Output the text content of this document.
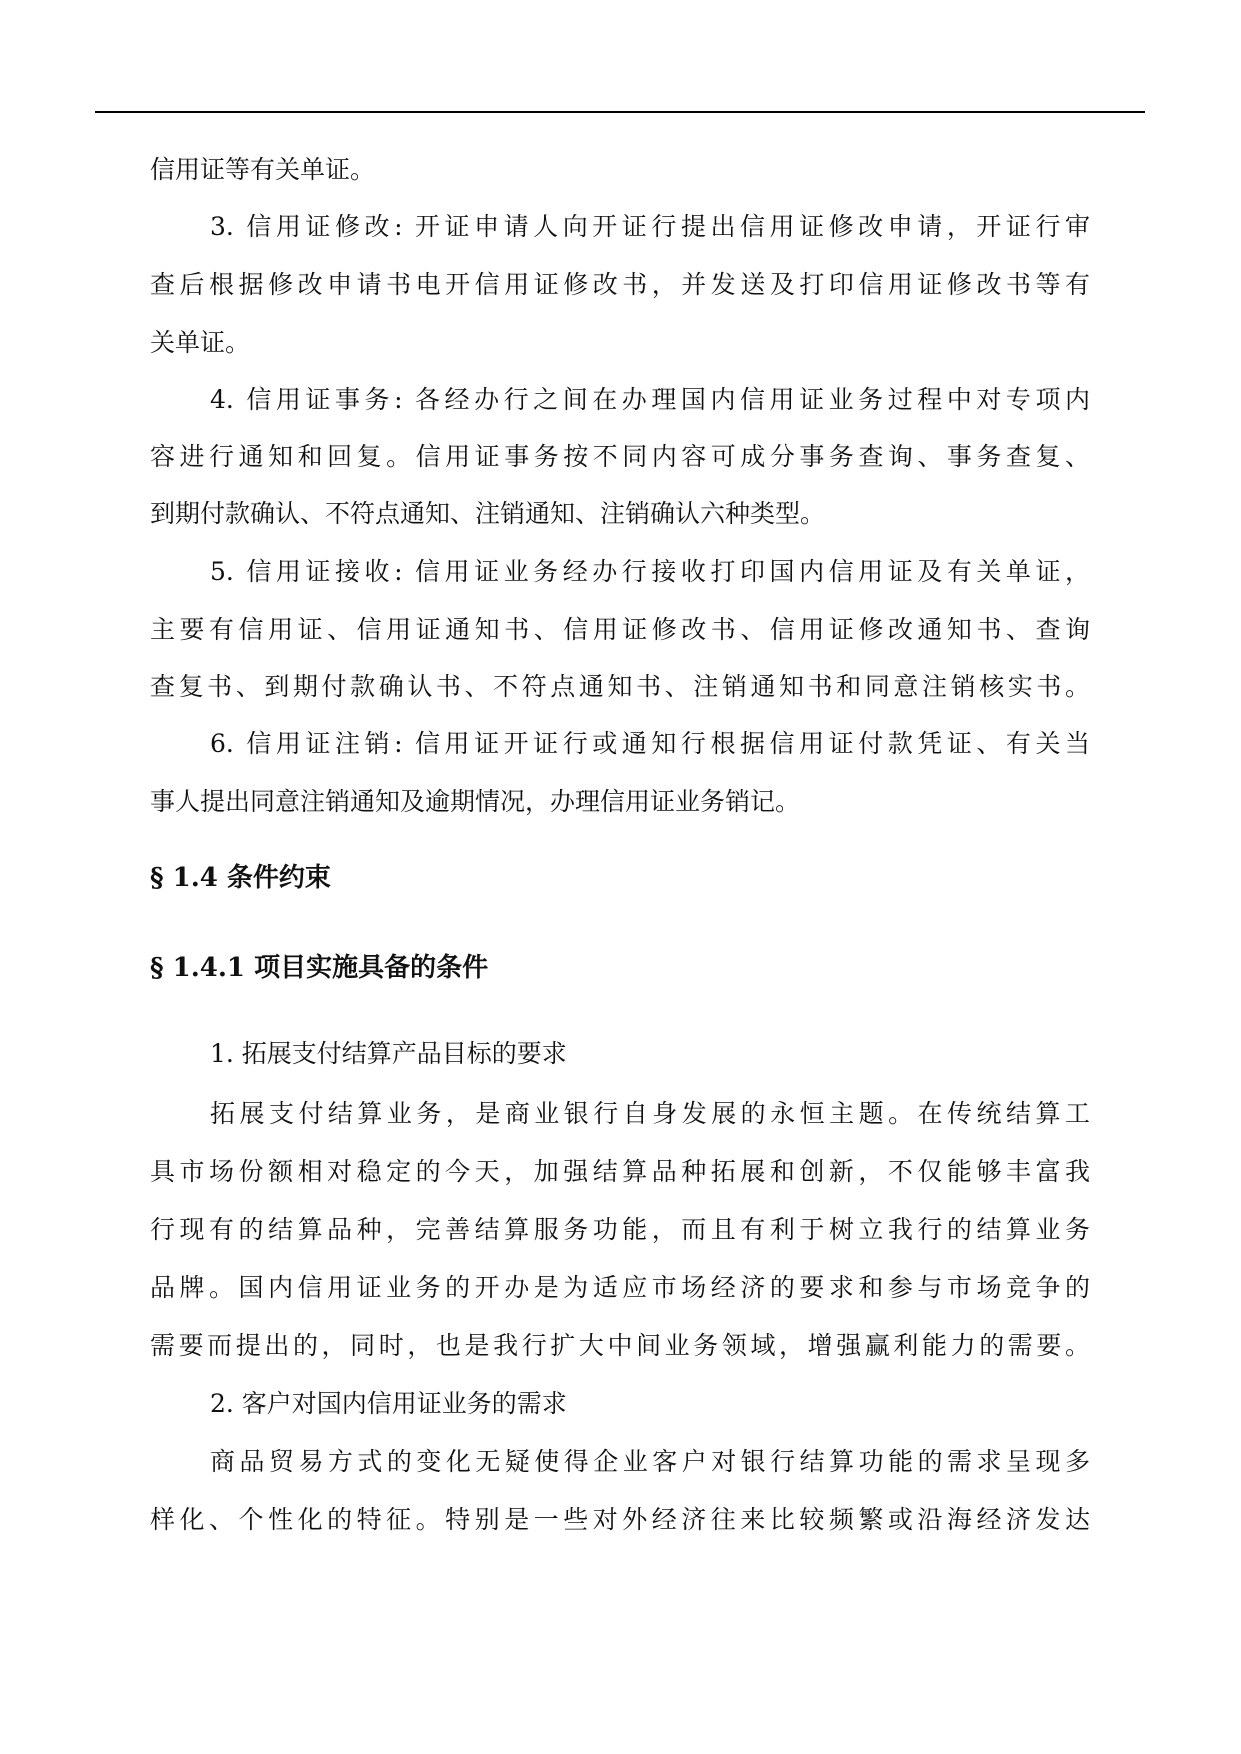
信用证等有关单证。
3. 信用证修改: 开证申请人向开证行提出信用证修改申请，开证行审
查后根据修改申请书电开信用证修改书，并发送及打印信用证修改书等有
关单证。
4. 信用证事务: 各经办行之间在办理国内信用证业务过程中对专项内
容进行通知和回复。信用证事务按不同内容可成分事务查询、事务查复、
到期付款确认、不符点通知、注销通知、注销确认六种类型。
5. 信用证接收: 信用证业务经办行接收打印国内信用证及有关单证，
主要有信用证、信用证通知书、信用证修改书、信用证修改通知书、查询
查复书、到期付款确认书、不符点通知书、注销通知书和同意注销核实书。
6. 信用证注销: 信用证开证行或通知行根据信用证付款凭证、有关当
事人提出同意注销通知及逾期情况，办理信用证业务销记。
§ 1.4 条件约束
§ 1.4.1 项目实施具备的条件
1. 拓展支付结算产品目标的要求
拓展支付结算业务，是商业银行自身发展的永恒主题。在传统结算工
具市场份额相对稳定的今天，加强结算品种拓展和创新，不仅能够丰富我
行现有的结算品种，完善结算服务功能，而且有利于树立我行的结算业务
品牌。国内信用证业务的开办是为适应市场经济的要求和参与市场竞争的
需要而提出的，同时，也是我行扩大中间业务领域，增强赢利能力的需要。
2. 客户对国内信用证业务的需求
商品贸易方式的变化无疑使得企业客户对银行结算功能的需求呈现多
样化、个性化的特征。特别是一些对外经济往来比较频繁或沿海经济发达
